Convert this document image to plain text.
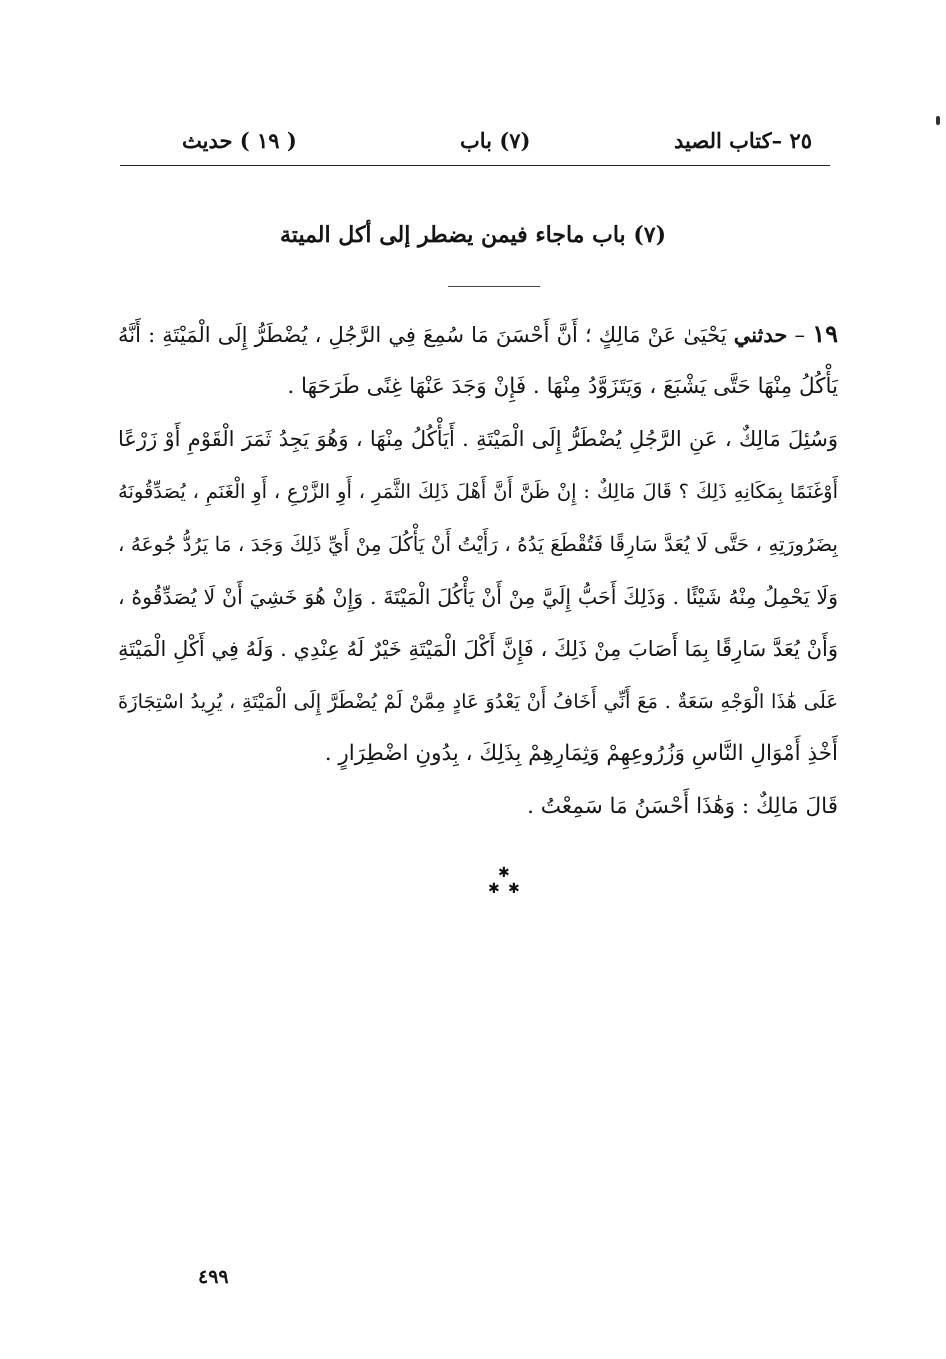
٢٥ –كتاب الصيد
(٧) باب
( ١٩ ) حديث
(٧) باب ماجاء فيمن يضطر إلى أكل الميتة
١٩ – حدثني يَحْيَىٰ عَنْ مَالِكٍ ؛ أَنَّ أَحْسَنَ مَا سُمِعَ فِي الرَّجُلِ ، يُضْطَرُّ إِلَى الْمَيْتَةِ : أَنَّهُ
يَأْكُلُ مِنْهَا حَتَّى يَشْبَعَ ، وَيَتَزَوَّدُ مِنْهَا . فَإِنْ وَجَدَ عَنْهَا غِنًى طَرَحَهَا .
وَسُئِلَ مَالِكٌ ، عَنِ الرَّجُلِ يُضْطَرُّ إِلَى الْمَيْتَةِ . أَيَأْكُلُ مِنْهَا ، وَهُوَ يَجِدُ ثَمَرَ الْقَوْمِ أَوْ زَرْعًا
أَوْغَنَمًا بِمَكَانِهِ ذَلِكَ ؟ قَالَ مَالِكٌ : إِنْ ظَنَّ أَنَّ أَهْلَ ذَلِكَ الثَّمَرِ ، أَوِ الزَّرْعِ ، أَوِ الْغَنَمِ ، يُصَدِّقُونَهُ
بِضَرُورَتِهِ ، حَتَّى لَا يُعَدَّ سَارِقًا فَتُقْطَعَ يَدُهُ ، رَأَيْتُ أَنْ يَأْكُلَ مِنْ أَيِّ ذَلِكَ وَجَدَ ، مَا يَرُدُّ جُوعَهُ ،
وَلَا يَحْمِلُ مِنْهُ شَيْئًا . وَذَلِكَ أَحَبُّ إِلَيَّ مِنْ أَنْ يَأْكُلَ الْمَيْتَةَ . وَإِنْ هُوَ خَشِيَ أَنْ لَا يُصَدِّقُوهُ ،
وَأَنْ يُعَدَّ سَارِقًا بِمَا أَصَابَ مِنْ ذَلِكَ ، فَإِنَّ أَكْلَ الْمَيْتَةِ خَيْرٌ لَهُ عِنْدِي . وَلَهُ فِي أَكْلِ الْمَيْتَةِ
عَلَى هَٰذَا الْوَجْهِ سَعَةٌ . مَعَ أَنِّي أَخَافُ أَنْ يَعْدُوَ عَادٍ مِمَّنْ لَمْ يُضْطَرَّ إِلَى الْمَيْتَةِ ، يُرِيدُ اسْتِجَازَةَ
أَخْذِ أَمْوَالِ النَّاسِ وَزُرُوعِهِمْ وَثِمَارِهِمْ بِذَلِكَ ، بِدُونِ اضْطِرَارٍ .
قَالَ مَالِكٌ : وَهَٰذَا أَحْسَنُ مَا سَمِعْتُ .
✱
✱ ✱
٤٩٩
